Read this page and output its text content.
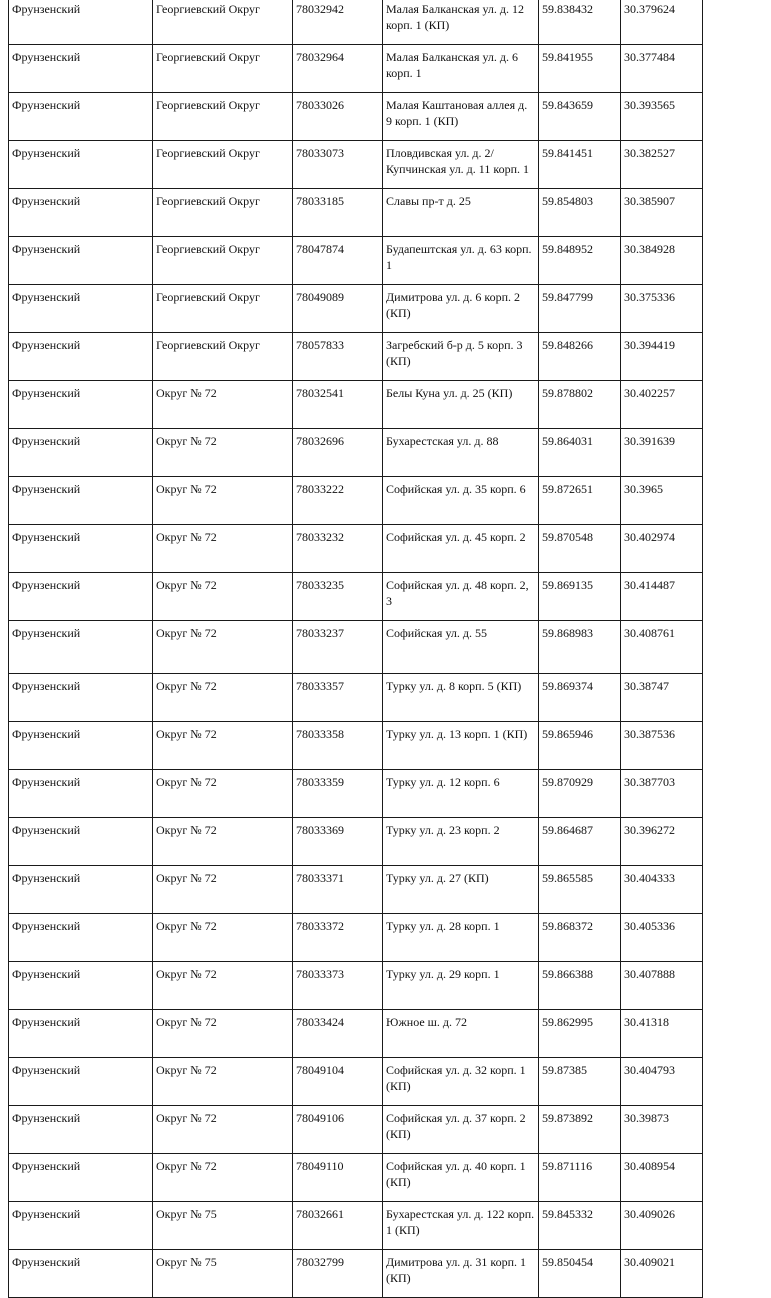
Фрунзенский	Георгиевский Округ	78032942	Малая Балканская ул. д. 12 корп. 1 (КП)	59.838432	30.379624
Фрунзенский	Георгиевский Округ	78032964	Малая Балканская ул. д. 6 корп. 1	59.841955	30.377484
Фрунзенский	Георгиевский Округ	78033026	Малая Каштановая аллея д. 9 корп. 1 (КП)	59.843659	30.393565
Фрунзенский	Георгиевский Округ	78033073	Пловдивская ул. д. 2/ Купчинская ул. д. 11 корп. 1	59.841451	30.382527
Фрунзенский	Георгиевский Округ	78033185	Славы пр-т д. 25	59.854803	30.385907
Фрунзенский	Георгиевский Округ	78047874	Будапештская ул. д. 63 корп. 1	59.848952	30.384928
Фрунзенский	Георгиевский Округ	78049089	Димитрова ул. д. 6 корп. 2 (КП)	59.847799	30.375336
Фрунзенский	Георгиевский Округ	78057833	Загребский б-р д. 5 корп. 3 (КП)	59.848266	30.394419
Фрунзенский	Округ № 72	78032541	Белы Куна ул. д. 25 (КП)	59.878802	30.402257
Фрунзенский	Округ № 72	78032696	Бухарестская ул. д. 88	59.864031	30.391639
Фрунзенский	Округ № 72	78033222	Софийская ул. д. 35 корп. 6	59.872651	30.3965
Фрунзенский	Округ № 72	78033232	Софийская ул. д. 45 корп. 2	59.870548	30.402974
Фрунзенский	Округ № 72	78033235	Софийская ул. д. 48 корп. 2, 3	59.869135	30.414487
Фрунзенский	Округ № 72	78033237	Софийская ул. д. 55	59.868983	30.408761
Фрунзенский	Округ № 72	78033357	Турку ул. д. 8 корп. 5 (КП)	59.869374	30.38747
Фрунзенский	Округ № 72	78033358	Турку ул. д. 13 корп. 1 (КП)	59.865946	30.387536
Фрунзенский	Округ № 72	78033359	Турку ул. д. 12 корп. 6	59.870929	30.387703
Фрунзенский	Округ № 72	78033369	Турку ул. д. 23 корп. 2	59.864687	30.396272
Фрунзенский	Округ № 72	78033371	Турку ул. д. 27 (КП)	59.865585	30.404333
Фрунзенский	Округ № 72	78033372	Турку ул. д. 28 корп. 1	59.868372	30.405336
Фрунзенский	Округ № 72	78033373	Турку ул. д. 29 корп. 1	59.866388	30.407888
Фрунзенский	Округ № 72	78033424	Южное ш. д. 72	59.862995	30.41318
Фрунзенский	Округ № 72	78049104	Софийская ул. д. 32 корп. 1 (КП)	59.87385	30.404793
Фрунзенский	Округ № 72	78049106	Софийская ул. д. 37 корп. 2 (КП)	59.873892	30.39873
Фрунзенский	Округ № 72	78049110	Софийская ул. д. 40 корп. 1 (КП)	59.871116	30.408954
Фрунзенский	Округ № 75	78032661	Бухарестская ул. д. 122 корп. 1 (КП)	59.845332	30.409026
Фрунзенский	Округ № 75	78032799	Димитрова ул. д. 31 корп. 1 (КП)	59.850454	30.409021
